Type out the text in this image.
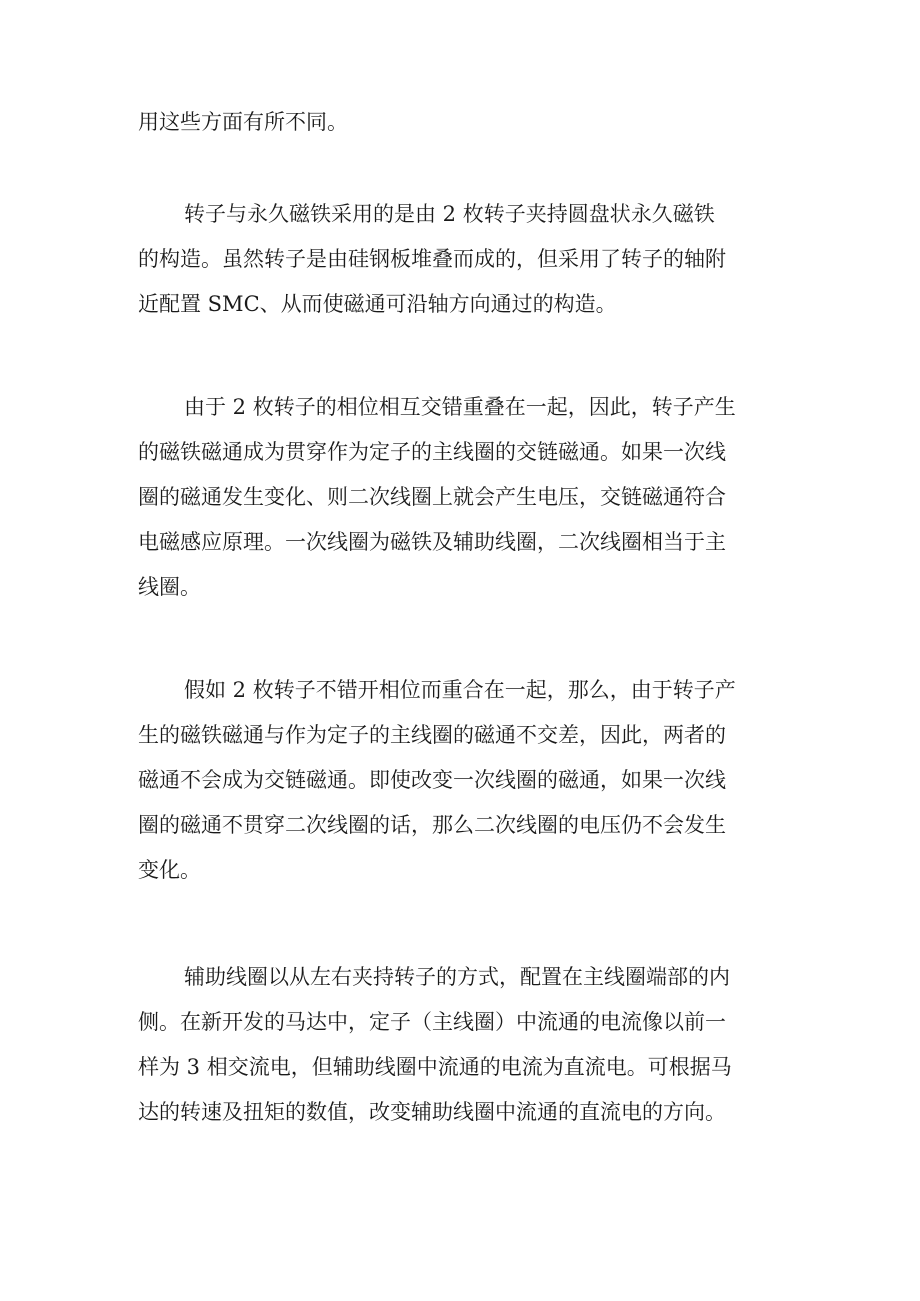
用这些方面有所不同。

转子与永久磁铁采用的是由 2 枚转子夹持圆盘状永久磁铁
的构造。虽然转子是由硅钢板堆叠而成的，但采用了转子的轴附
近配置 SMC、从而使磁通可沿轴方向通过的构造。

由于 2 枚转子的相位相互交错重叠在一起，因此，转子产生
的磁铁磁通成为贯穿作为定子的主线圈的交链磁通。如果一次线
圈的磁通发生变化、则二次线圈上就会产生电压，交链磁通符合
电磁感应原理。一次线圈为磁铁及辅助线圈，二次线圈相当于主
线圈。

假如 2 枚转子不错开相位而重合在一起，那么，由于转子产
生的磁铁磁通与作为定子的主线圈的磁通不交差，因此，两者的
磁通不会成为交链磁通。即使改变一次线圈的磁通，如果一次线
圈的磁通不贯穿二次线圈的话，那么二次线圈的电压仍不会发生
变化。

辅助线圈以从左右夹持转子的方式，配置在主线圈端部的内
侧。在新开发的马达中，定子（主线圈）中流通的电流像以前一
样为 3 相交流电，但辅助线圈中流通的电流为直流电。可根据马
达的转速及扭矩的数值，改变辅助线圈中流通的直流电的方向。
